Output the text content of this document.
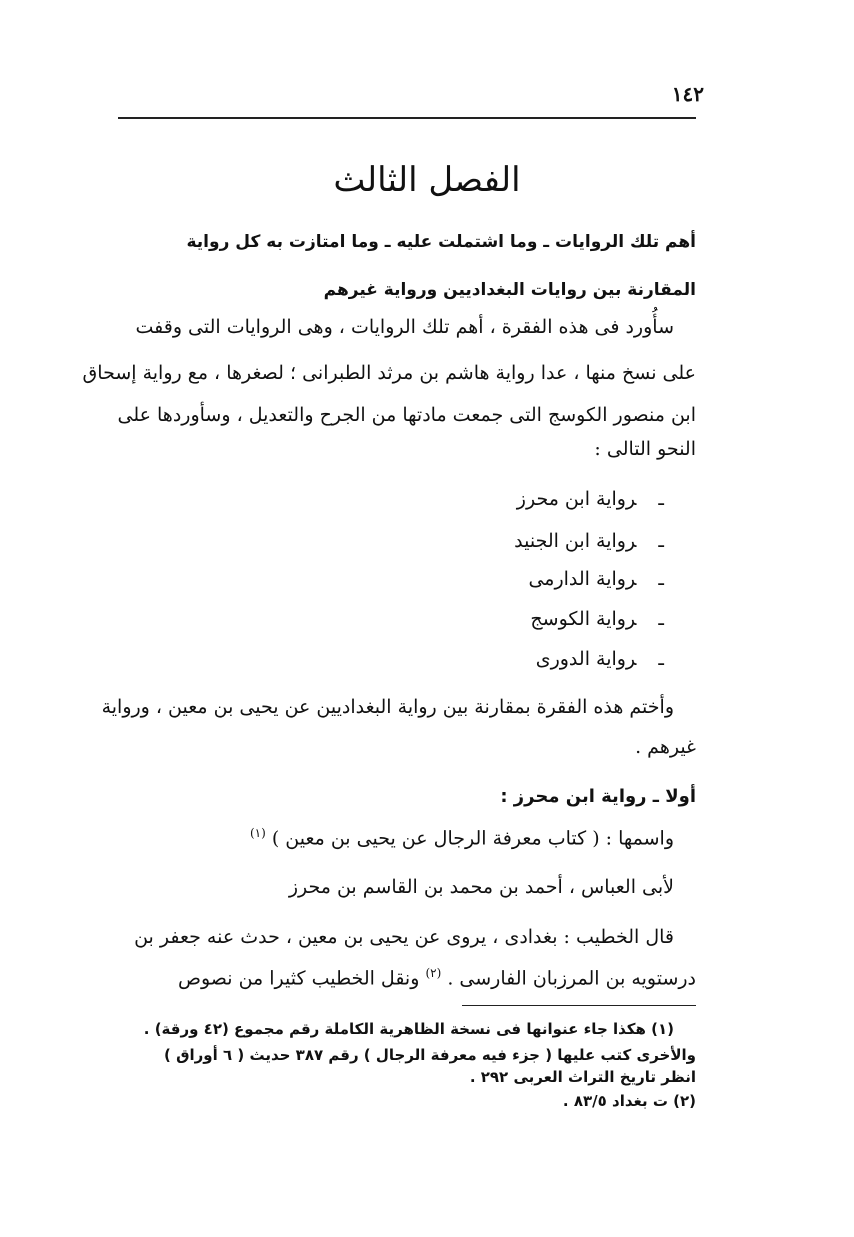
١٤٢
الفصل الثالث
أهم تلك الروايات ـ وما اشتملت عليه ـ وما امتازت به كل رواية
المقارنة بين روايات البغداديين ورواية غيرهم
سأُورد فى هذه الفقرة ، أهم تلك الروايات ، وهى الروايات التى وقفت
على نسخ منها ، عدا رواية هاشم بن مرثد الطبرانى ؛ لصغرها ، مع رواية إسحاق
ابن منصور الكوسج التى جمعت مادتها من الجرح والتعديل ، وسأوردها على
النحو التالى :
ـرواية ابن محرز
ـرواية ابن الجنيد
ـرواية الدارمى
ـرواية الكوسج
ـرواية الدورى
وأختم هذه الفقرة بمقارنة بين رواية البغداديين عن يحيى بن معين ، ورواية
غيرهم .
أولا ـ رواية ابن محرز :
واسمها : ( كتاب معرفة الرجال عن يحيى بن معين ) $^{(١)}$
لأبى العباس ، أحمد بن محمد بن القاسم بن محرز
قال الخطيب : بغدادى ، يروى عن يحيى بن معين ، حدث عنه جعفر بن
درستويه بن المرزبان الفارسى . $^{(٢)}$ ونقل الخطيب كثيرا من نصوص
(١) هكذا جاء عنوانها فى نسخة الظاهرية الكاملة رقم مجموع (٤٢ ورقة) .
والأخرى كتب عليها ( جزء فيه معرفة الرجال ) رقم ٣٨٧ حديث ( ٦ أوراق )
انظر تاريخ التراث العربى ٢٩٢ .
(٢) ت بغداد ٨٣/٥ .
